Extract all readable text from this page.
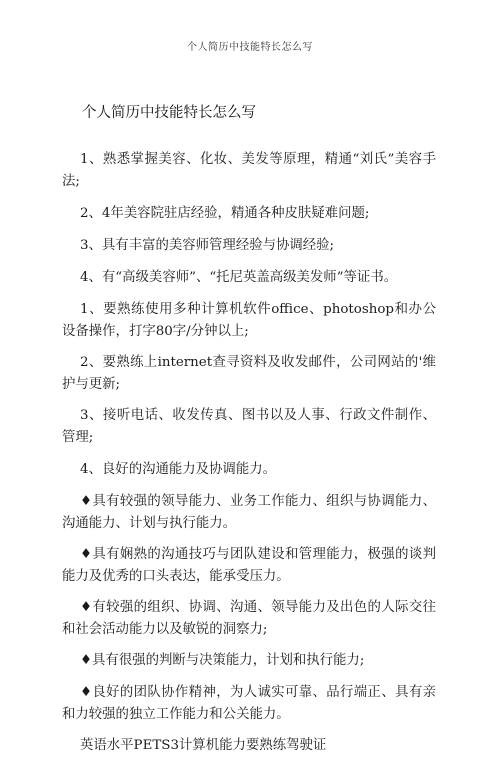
个人简历中技能特长怎么写
个人简历中技能特长怎么写

1、熟悉掌握美容、化妆、美发等原理，精通“刘氏”美容手法;

2、4年美容院驻店经验，精通各种皮肤疑难问题;

3、具有丰富的美容师管理经验与协调经验;

4、有“高级美容师”、“托尼英盖高级美发师”等证书。

1、要熟练使用多种计算机软件office、photoshop和办公设备操作，打字80字/分钟以上;

2、要熟练上internet查寻资料及收发邮件，公司网站的'维护与更新;

3、接听电话、收发传真、图书以及人事、行政文件制作、管理;

4、良好的沟通能力及协调能力。

♦具有较强的领导能力、业务工作能力、组织与协调能力、沟通能力、计划与执行能力。

♦具有娴熟的沟通技巧与团队建设和管理能力，极强的谈判能力及优秀的口头表达，能承受压力。

♦有较强的组织、协调、沟通、领导能力及出色的人际交往和社会活动能力以及敏锐的洞察力;

♦具有很强的判断与决策能力，计划和执行能力;

♦良好的团队协作精神，为人诚实可靠、品行端正、具有亲和力较强的独立工作能力和公关能力。

英语水平PETS3计算机能力要熟练驾驶证
